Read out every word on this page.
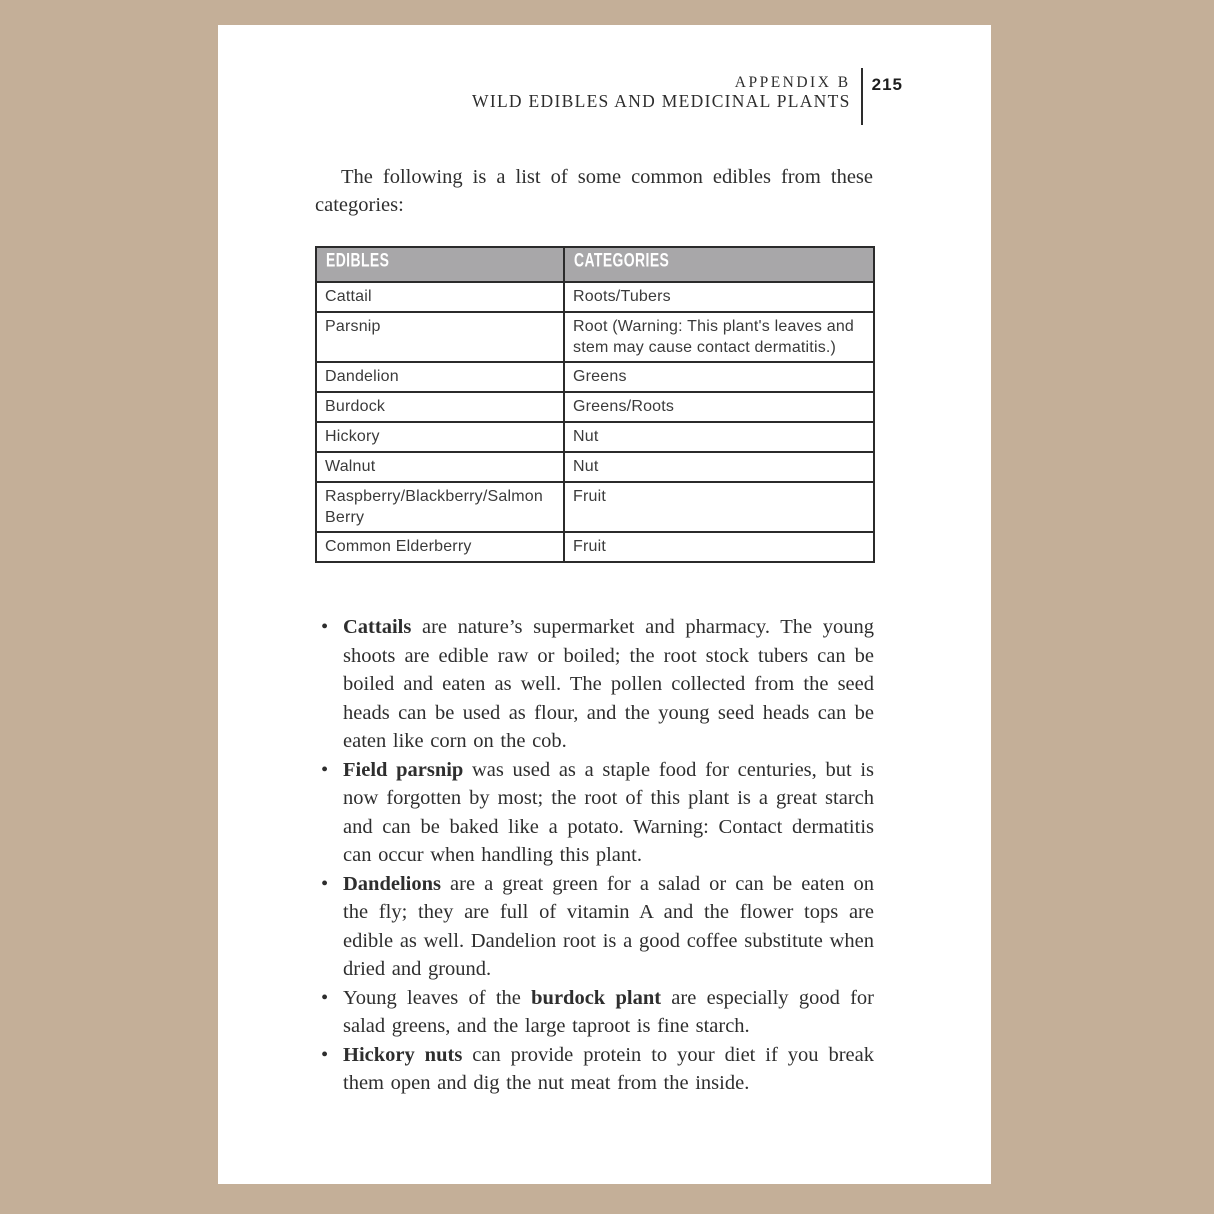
APPENDIX B
WILD EDIBLES AND MEDICINAL PLANTS
215

The following is a list of some common edibles from these categories:

EDIBLES	CATEGORIES
Cattail	Roots/Tubers
Parsnip	Root (Warning: This plant's leaves and stem may cause contact dermatitis.)
Dandelion	Greens
Burdock	Greens/Roots
Hickory	Nut
Walnut	Nut
Raspberry/Blackberry/Salmon Berry	Fruit
Common Elderberry	Fruit
• Cattails are nature’s supermarket and pharmacy. The young shoots are edible raw or boiled; the root stock tubers can be boiled and eaten as well. The pollen collected from the seed heads can be used as flour, and the young seed heads can be eaten like corn on the cob.
• Field parsnip was used as a staple food for centuries, but is now forgotten by most; the root of this plant is a great starch and can be baked like a potato. Warning: Contact dermatitis can occur when handling this plant.
• Dandelions are a great green for a salad or can be eaten on the fly; they are full of vitamin A and the flower tops are edible as well. Dandelion root is a good coffee substitute when dried and ground.
• Young leaves of the burdock plant are especially good for salad greens, and the large taproot is fine starch.
• Hickory nuts can provide protein to your diet if you break them open and dig the nut meat from the inside.
